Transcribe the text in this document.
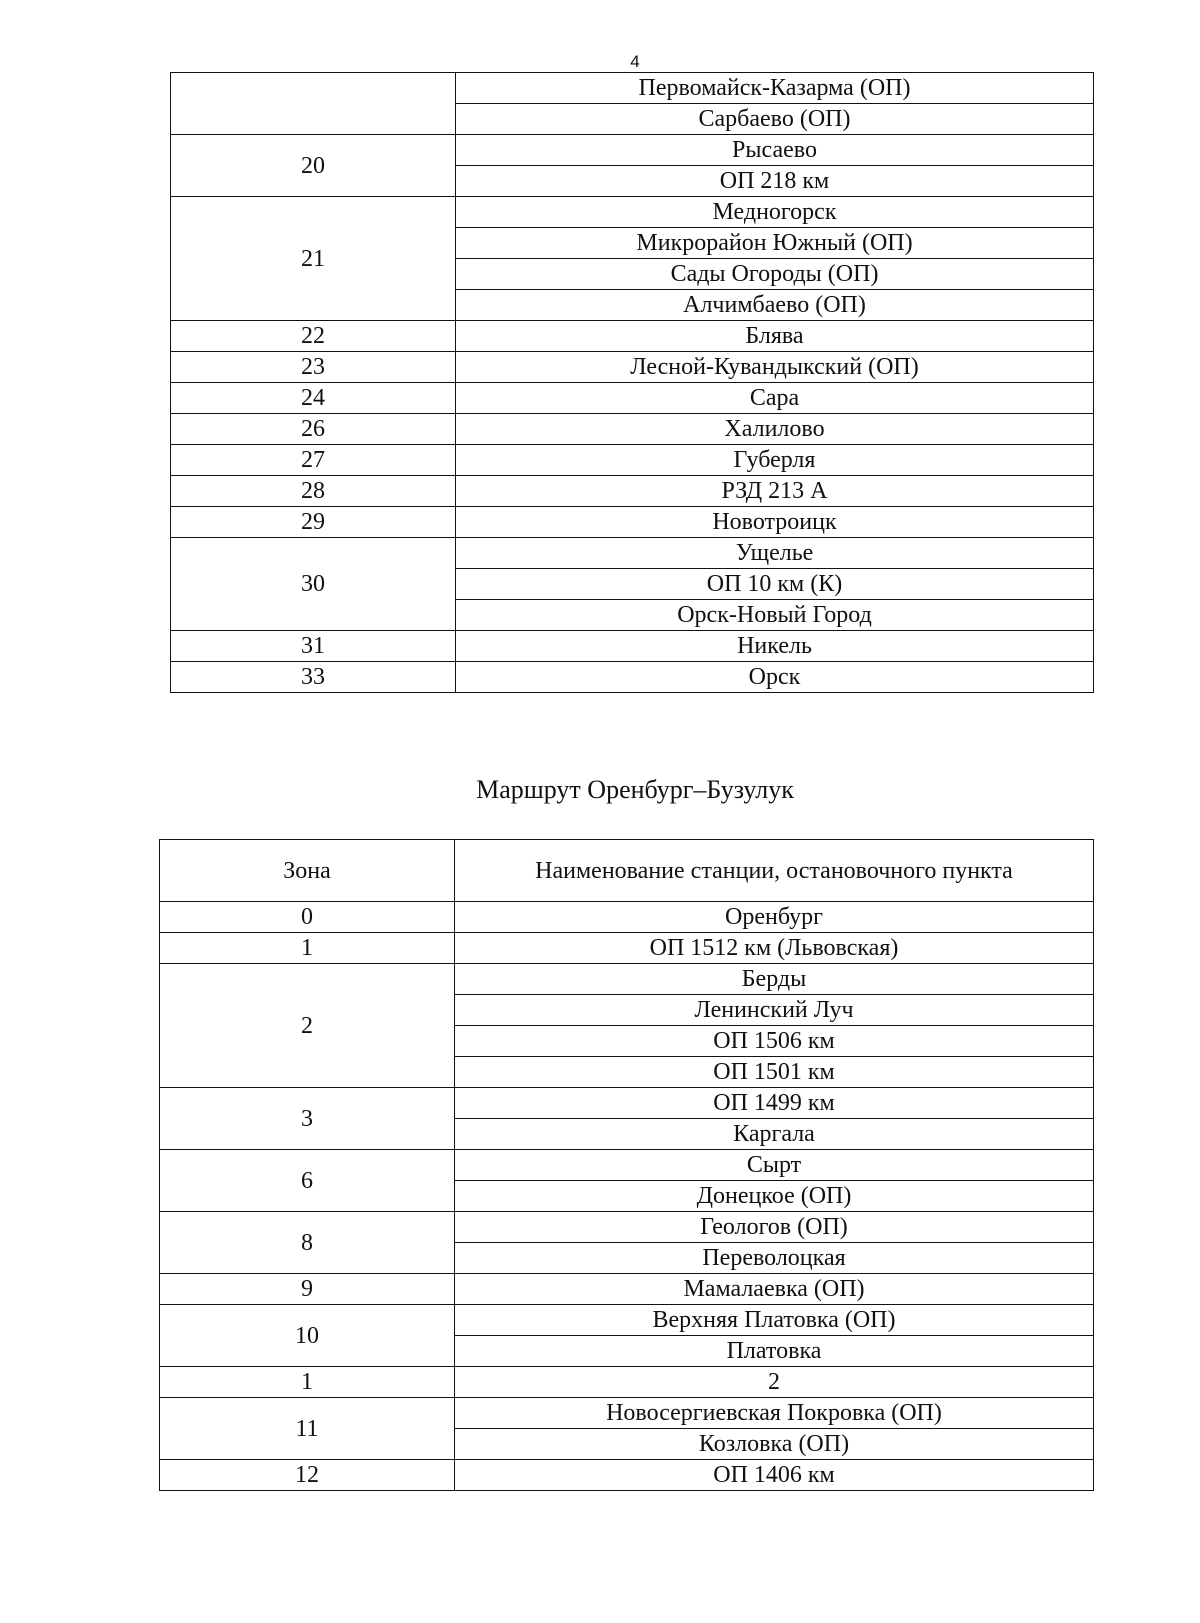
4
	Первомайск-Казарма (ОП)
	Сарбаево (ОП)
20	Рысаево
	ОП 218 км
21	Медногорск
	Микрорайон Южный (ОП)
	Сады Огороды (ОП)
	Алчимбаево (ОП)
22	Блява
23	Лесной-Кувандыкский (ОП)
24	Сара
26	Халилово
27	Губерля
28	РЗД 213 А
29	Новотроицк
30	Ущелье
	ОП 10 км (К)
	Орск-Новый Город
31	Никель
33	Орск
Маршрут Оренбург–Бузулук
Зона	Наименование станции, остановочного пункта
0	Оренбург
1	ОП 1512 км (Львовская)
2	Берды
	Ленинский Луч
	ОП 1506 км
	ОП 1501 км
3	ОП 1499 км
	Каргала
6	Сырт
	Донецкое (ОП)
8	Геологов (ОП)
	Переволоцкая
9	Мамалаевка (ОП)
10	Верхняя Платовка (ОП)
	Платовка
1	2
11	Новосергиевская Покровка (ОП)
	Козловка (ОП)
12	ОП 1406 км
